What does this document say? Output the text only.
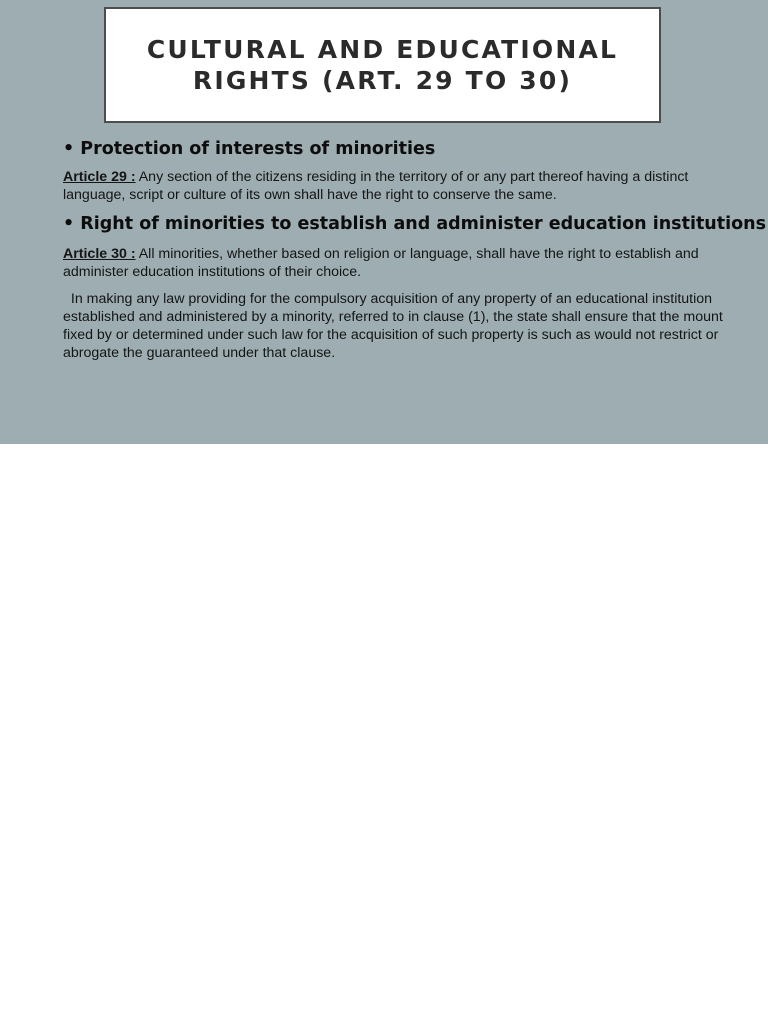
CULTURAL AND EDUCATIONAL
RIGHTS (ART. 29 TO 30)

• Protection of interests of minorities

Article 29 : Any section of the citizens residing in the territory of or any part thereof having a distinct language, script or culture of its own shall have the right to conserve the same.

• Right of minorities to establish and administer education institutions

Article 30 : All minorities, whether based on religion or language, shall have the right to establish and administer education institutions of their choice.

In making any law providing for the compulsory acquisition of any property of an educational institution established and administered by a minority, referred to in clause (1), the state shall ensure that the mount fixed by or determined under such law for the acquisition of such property is such as would not restrict or abrogate the guaranteed under that clause.
